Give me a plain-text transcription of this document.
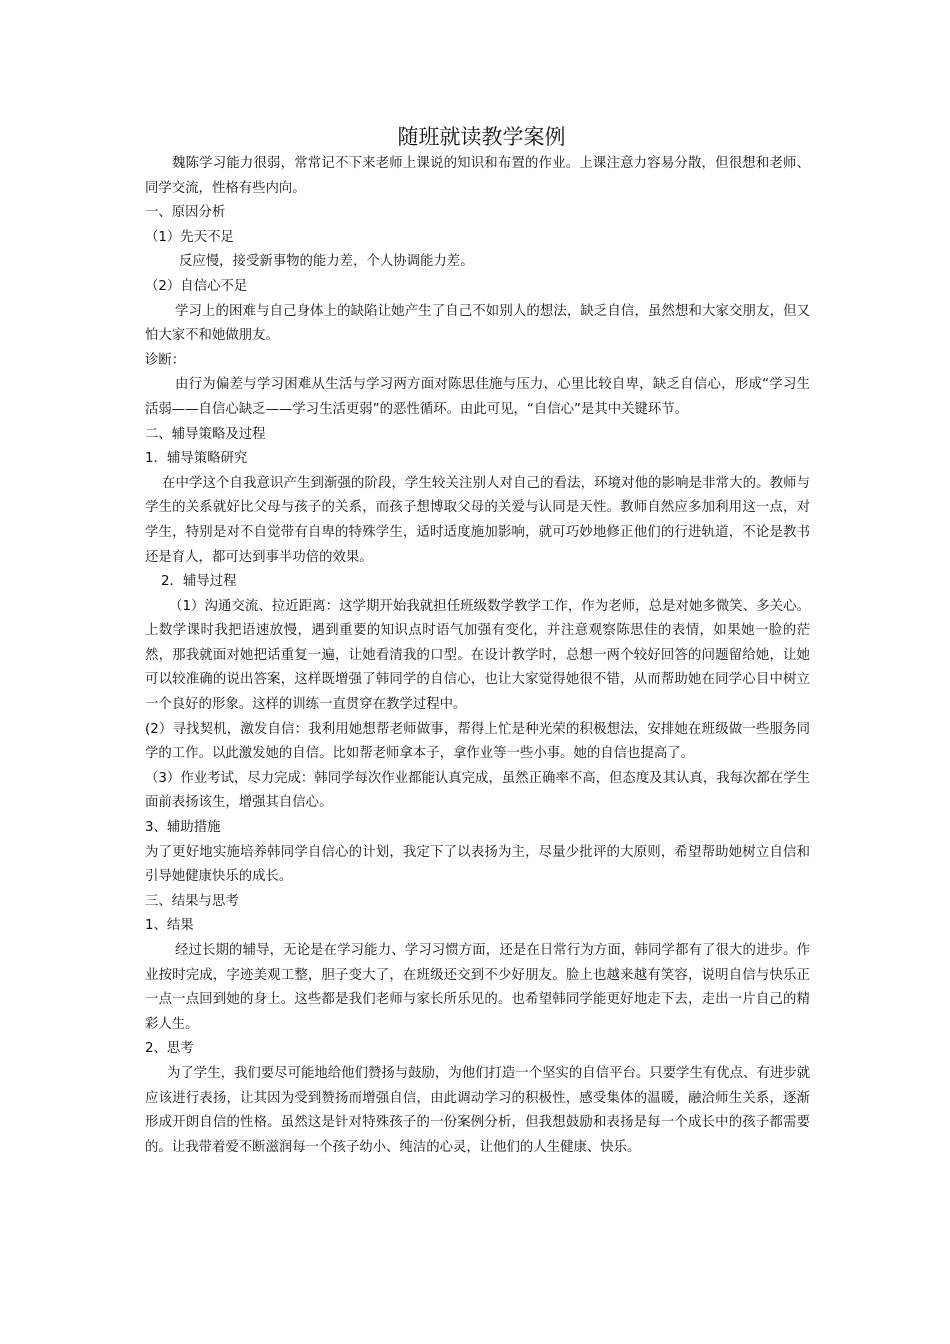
随班就读教学案例

魏陈学习能力很弱，常常记不下来老师上课说的知识和布置的作业。上课注意力容易分散，但很想和老师、同学交流，性格有些内向。

一、原因分析

（1）先天不足

反应慢，接受新事物的能力差，个人协调能力差。

（2）自信心不足

学习上的困难与自己身体上的缺陷让她产生了自己不如别人的想法，缺乏自信，虽然想和大家交朋友，但又怕大家不和她做朋友。

诊断：

由行为偏差与学习困难从生活与学习两方面对陈思佳施与压力，心里比较自卑，缺乏自信心，形成“学习生活弱——自信心缺乏——学习生活更弱”的恶性循环。由此可见，“自信心”是其中关键环节。

二、辅导策略及过程

1．辅导策略研究

在中学这个自我意识产生到渐强的阶段，学生较关注别人对自己的看法，环境对他的影响是非常大的。教师与学生的关系就好比父母与孩子的关系，而孩子想博取父母的关爱与认同是天性。教师自然应多加利用这一点，对学生，特别是对不自觉带有自卑的特殊学生，适时适度施加影响，就可巧妙地修正他们的行进轨道，不论是教书还是育人，都可达到事半功倍的效果。

2．辅导过程

（1）沟通交流、拉近距离：这学期开始我就担任班级数学教学工作，作为老师，总是对她多微笑、多关心。上数学课时我把语速放慢，遇到重要的知识点时语气加强有变化，并注意观察陈思佳的表情，如果她一脸的茫然，那我就面对她把话重复一遍，让她看清我的口型。在设计教学时，总想一两个较好回答的问题留给她，让她可以较准确的说出答案，这样既增强了韩同学的自信心，也让大家觉得她很不错，从而帮助她在同学心目中树立一个良好的形象。这样的训练一直贯穿在教学过程中。

(2）寻找契机，激发自信：我利用她想帮老师做事，帮得上忙是种光荣的积极想法，安排她在班级做一些服务同学的工作。以此激发她的自信。比如帮老师拿本子，拿作业等一些小事。她的自信也提高了。

（3）作业考试，尽力完成：韩同学每次作业都能认真完成，虽然正确率不高，但态度及其认真，我每次都在学生面前表扬该生，增强其自信心。

3、辅助措施

为了更好地实施培养韩同学自信心的计划，我定下了以表扬为主，尽量少批评的大原则，希望帮助她树立自信和引导她健康快乐的成长。

三、结果与思考

1、结果

经过长期的辅导，无论是在学习能力、学习习惯方面，还是在日常行为方面，韩同学都有了很大的进步。作业按时完成，字迹美观工整，胆子变大了，在班级还交到不少好朋友。脸上也越来越有笑容，说明自信与快乐正一点一点回到她的身上。这些都是我们老师与家长所乐见的。也希望韩同学能更好地走下去，走出一片自己的精彩人生。

2、思考

为了学生，我们要尽可能地给他们赞扬与鼓励，为他们打造一个坚实的自信平台。只要学生有优点、有进步就应该进行表扬，让其因为受到赞扬而增强自信，由此调动学习的积极性，感受集体的温暖，融洽师生关系，逐渐形成开朗自信的性格。虽然这是针对特殊孩子的一份案例分析，但我想鼓励和表扬是每一个成长中的孩子都需要的。让我带着爱不断滋润每一个孩子幼小、纯洁的心灵，让他们的人生健康、快乐。
